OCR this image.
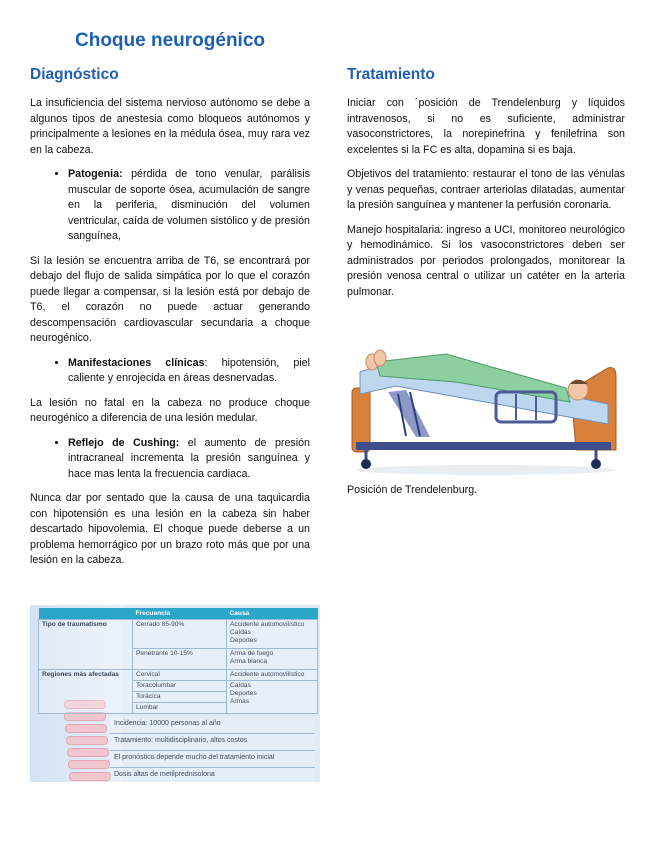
Choque neurogénico
Diagnóstico

La insuficiencia del sistema nervioso autónomo se debe a algunos tipos de anestesia como bloqueos autónomos y principalmente a lesiones en la médula ósea, muy rara vez en la cabeza.

• Patogenia: pérdida de tono venular, parálisis muscular de soporte ósea, acumulación de sangre en la periferia, disminución del volumen ventricular, caída de volumen sistólico y de presión sanguínea,

Si la lesión se encuentra arriba de T6, se encontrará por debajo del flujo de salida simpática por lo que el corazón puede llegar a compensar, si la lesión está por debajo de T6, el corazón no puede actuar generando descompensación cardiovascular secundaria a choque neurogénico.

• Manifestaciones clínicas: hipotensión, piel caliente y enrojecida en áreas desnervadas.

La lesión no fatal en la cabeza no produce choque neurogénico a diferencia de una lesión medular.

• Reflejo de Cushing: el aumento de presión intracraneal incrementa la presión sanguínea y hace mas lenta la frecuencia cardiaca.

Nunca dar por sentado que la causa de una taquicardia con hipotensión es una lesión en la cabeza sin haber descartado hipovolemia. El choque puede deberse a un problema hemorrágico por un brazo roto más que por una lesión en la cabeza.

Tratamiento

Iniciar con ´posición de Trendelenburg y líquidos intravenosos, si no es suficiente, administrar vasoconstrictores, la norepinefrina y fenilefrina son excelentes si la FC es alta, dopamina si es baja.

Objetivos del tratamiento: restaurar el tono de las vénulas y venas pequeñas, contraer arteriolas dilatadas, aumentar la presión sanguínea y mantener la perfusión coronaria.

Manejo hospitalaria: ingreso a UCI, monitoreo neurológico y hemodinámico. Si los vasoconstrictores deben ser administrados por periodos prolongados, monitorear la presión venosa central o utilizar un catéter en la arteria pulmonar.

Posición de Trendelenburg.
	Frecuencia	Causa
Tipo de traumatismo	Cerrado 85-90%	Accidente automovilístico
Caídas
Deportes

	Penetrante 10-15%	Arma de fuego
Arma blanca

Regiones más afectadas	Cervical	Accidente automovilístico
	Toracolumbar	Caídas
Deportes
Armas

	Torácica	
	Lumbar	
Incidencia: 10000 personas al año
Tratamiento: multidisciplinario, altos costos
El pronóstico depende mucho del tratamiento inicial
Dosis altas de metilprednisolona
